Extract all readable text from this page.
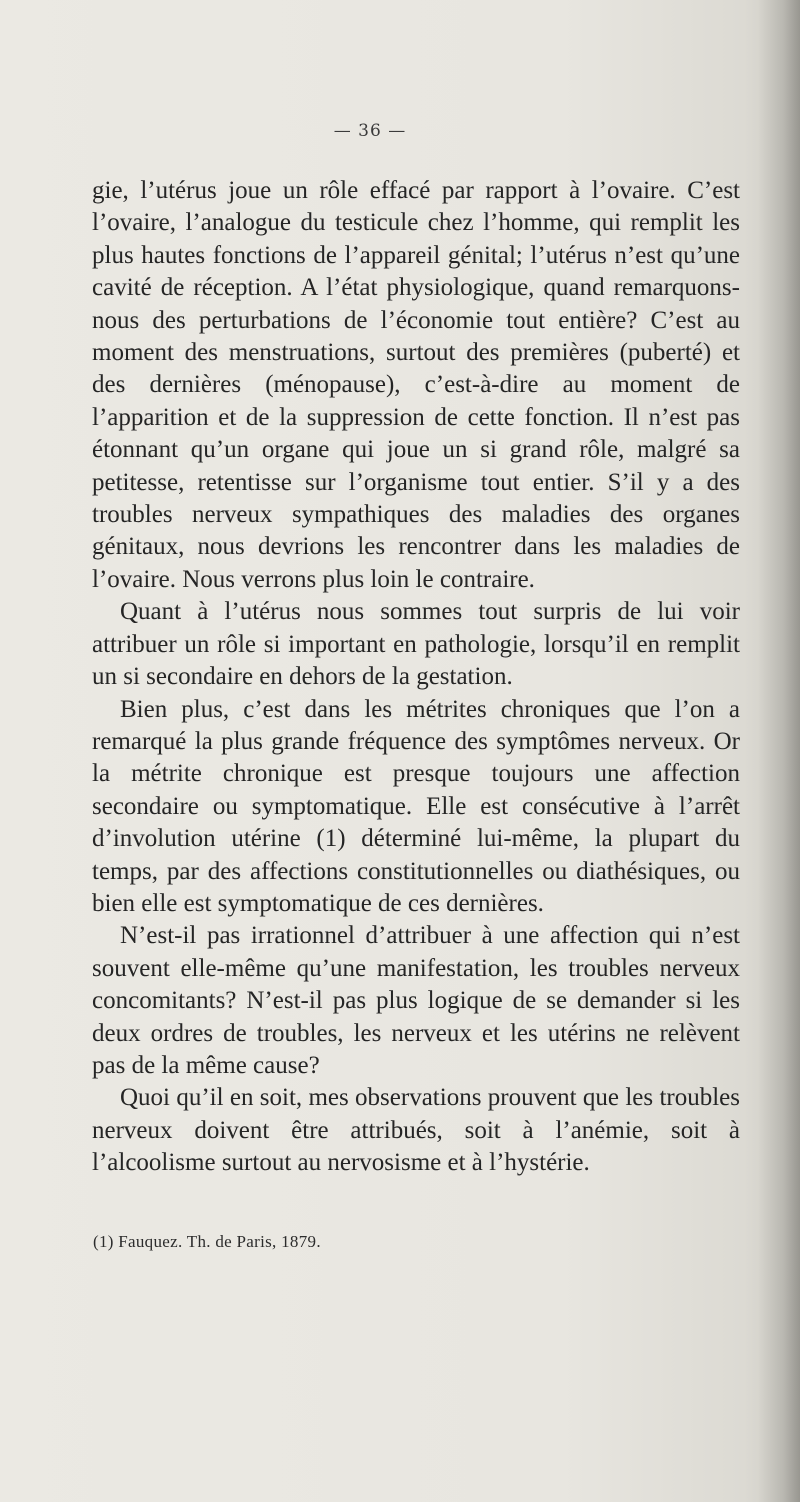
— 36 —

gie, l’utérus joue un rôle effacé par rapport à l’ovaire. C’est l’ovaire, l’analogue du testicule chez l’homme, qui remplit les plus hautes fonctions de l’appareil génital; l’utérus n’est qu’une cavité de réception. A l’état physiologique, quand remarquons-nous des perturbations de l’économie tout entière? C’est au moment des menstruations, surtout des premières (puberté) et des dernières (ménopause), c’est-à-dire au moment de l’apparition et de la suppression de cette fonction. Il n’est pas étonnant qu’un organe qui joue un si grand rôle, malgré sa petitesse, retentisse sur l’organisme tout entier. S’il y a des troubles nerveux sympathiques des maladies des organes génitaux, nous devrions les rencontrer dans les maladies de l’ovaire. Nous verrons plus loin le contraire.

Quant à l’utérus nous sommes tout surpris de lui voir attribuer un rôle si important en pathologie, lorsqu’il en remplit un si secondaire en dehors de la gestation.

Bien plus, c’est dans les métrites chroniques que l’on a remarqué la plus grande fréquence des symptômes nerveux. Or la métrite chronique est presque toujours une affection secondaire ou symptomatique. Elle est consécutive à l’arrêt d’involution utérine (1) déterminé lui-même, la plupart du temps, par des affections constitutionnelles ou diathésiques, ou bien elle est symptomatique de ces dernières.

N’est-il pas irrationnel d’attribuer à une affection qui n’est souvent elle-même qu’une manifestation, les troubles nerveux concomitants? N’est-il pas plus logique de se demander si les deux ordres de troubles, les nerveux et les utérins ne relèvent pas de la même cause?

Quoi qu’il en soit, mes observations prouvent que les troubles nerveux doivent être attribués, soit à l’anémie, soit à l’alcoolisme surtout au nervosisme et à l’hystérie.

(1) Fauquez. Th. de Paris, 1879.
